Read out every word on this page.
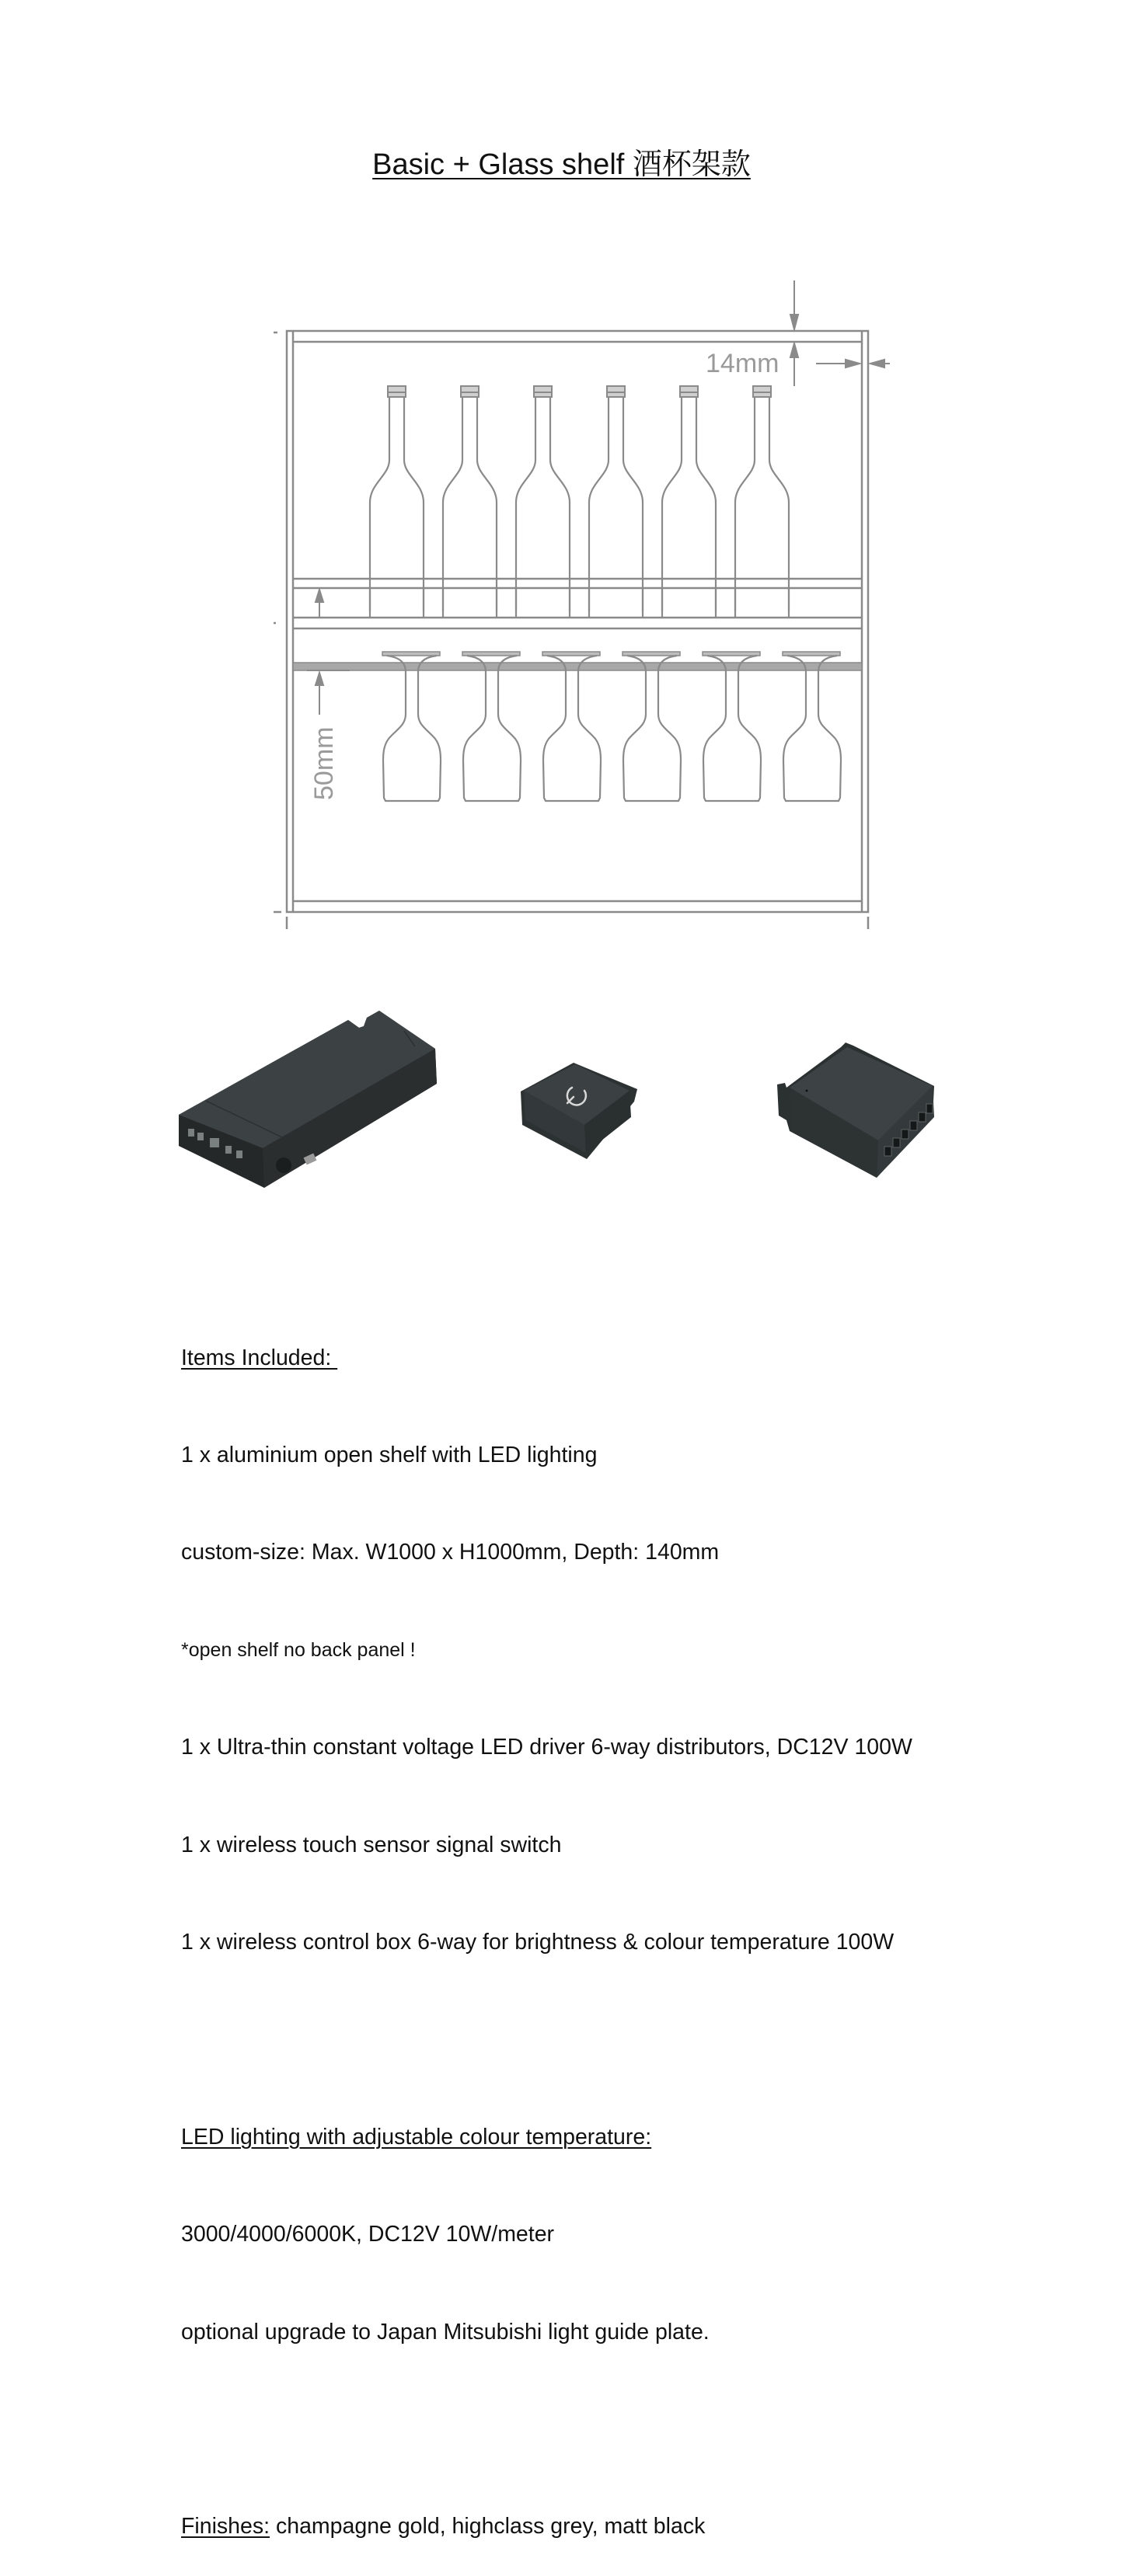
Basic + Glass shelf 酒杯架款
14mm
50mm

Items Included:

1 x aluminium open shelf with LED lighting

custom-size: Max. W1000 x H1000mm, Depth: 140mm

*open shelf no back panel !

1 x Ultra-thin constant voltage LED driver 6-way distributors, DC12V 100W

1 x wireless touch sensor signal switch

1 x wireless control box 6-way for brightness & colour temperature 100W

LED lighting with adjustable colour temperature:

3000/4000/6000K, DC12V 10W/meter

optional upgrade to Japan Mitsubishi light guide plate.

Finishes: champagne gold, highclass grey, matt black
